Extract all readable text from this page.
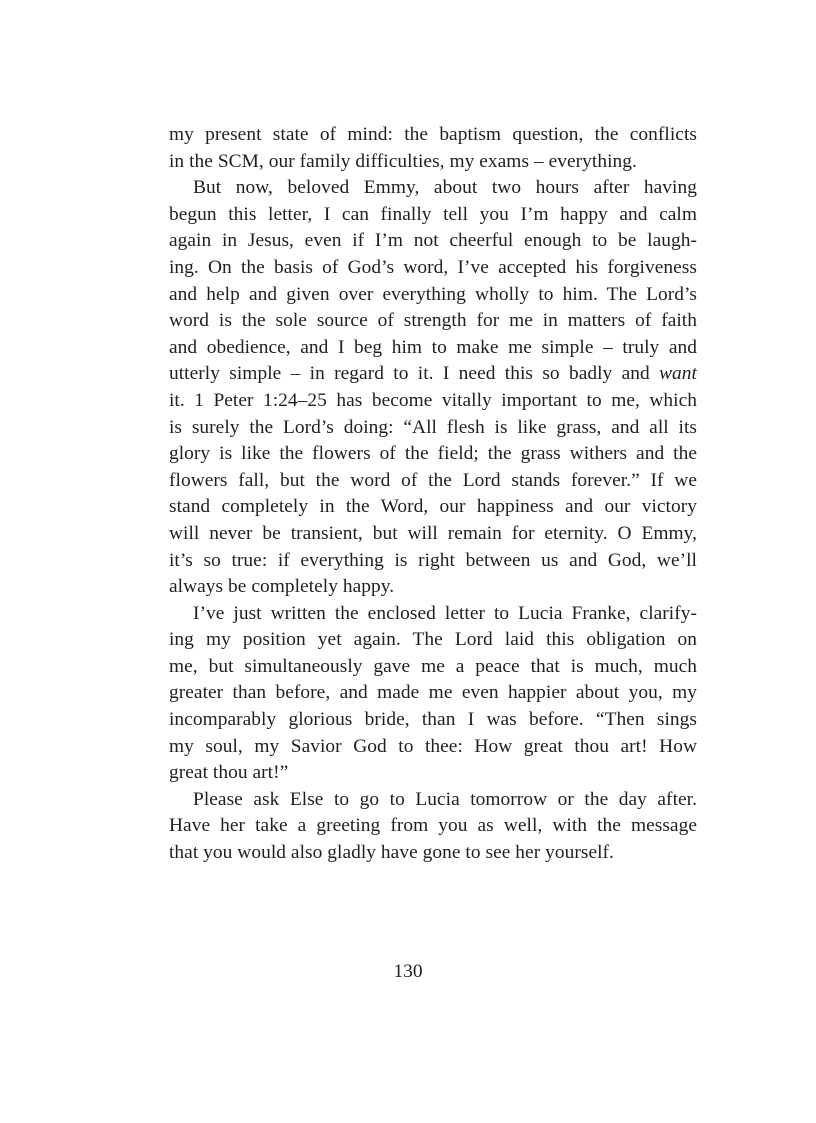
my present state of mind: the baptism question, the conflicts
in the SCM, our family difficulties, my exams – everything.

But now, beloved Emmy, about two hours after having
begun this letter, I can finally tell you I’m happy and calm
again in Jesus, even if I’m not cheerful enough to be laugh-
ing. On the basis of God’s word, I’ve accepted his forgiveness
and help and given over everything wholly to him. The Lord’s
word is the sole source of strength for me in matters of faith
and obedience, and I beg him to make me simple – truly and
utterly simple – in regard to it. I need this so badly and want
it. 1 Peter 1:24–25 has become vitally important to me, which
is surely the Lord’s doing: “All flesh is like grass, and all its
glory is like the flowers of the field; the grass withers and the
flowers fall, but the word of the Lord stands forever.” If we
stand completely in the Word, our happiness and our victory
will never be transient, but will remain for eternity. O Emmy,
it’s so true: if everything is right between us and God, we’ll
always be completely happy.

I’ve just written the enclosed letter to Lucia Franke, clarify-
ing my position yet again. The Lord laid this obligation on
me, but simultaneously gave me a peace that is much, much
greater than before, and made me even happier about you, my
incomparably glorious bride, than I was before. “Then sings
my soul, my Savior God to thee: How great thou art! How
great thou art!”

Please ask Else to go to Lucia tomorrow or the day after.
Have her take a greeting from you as well, with the message
that you would also gladly have gone to see her yourself.

130
